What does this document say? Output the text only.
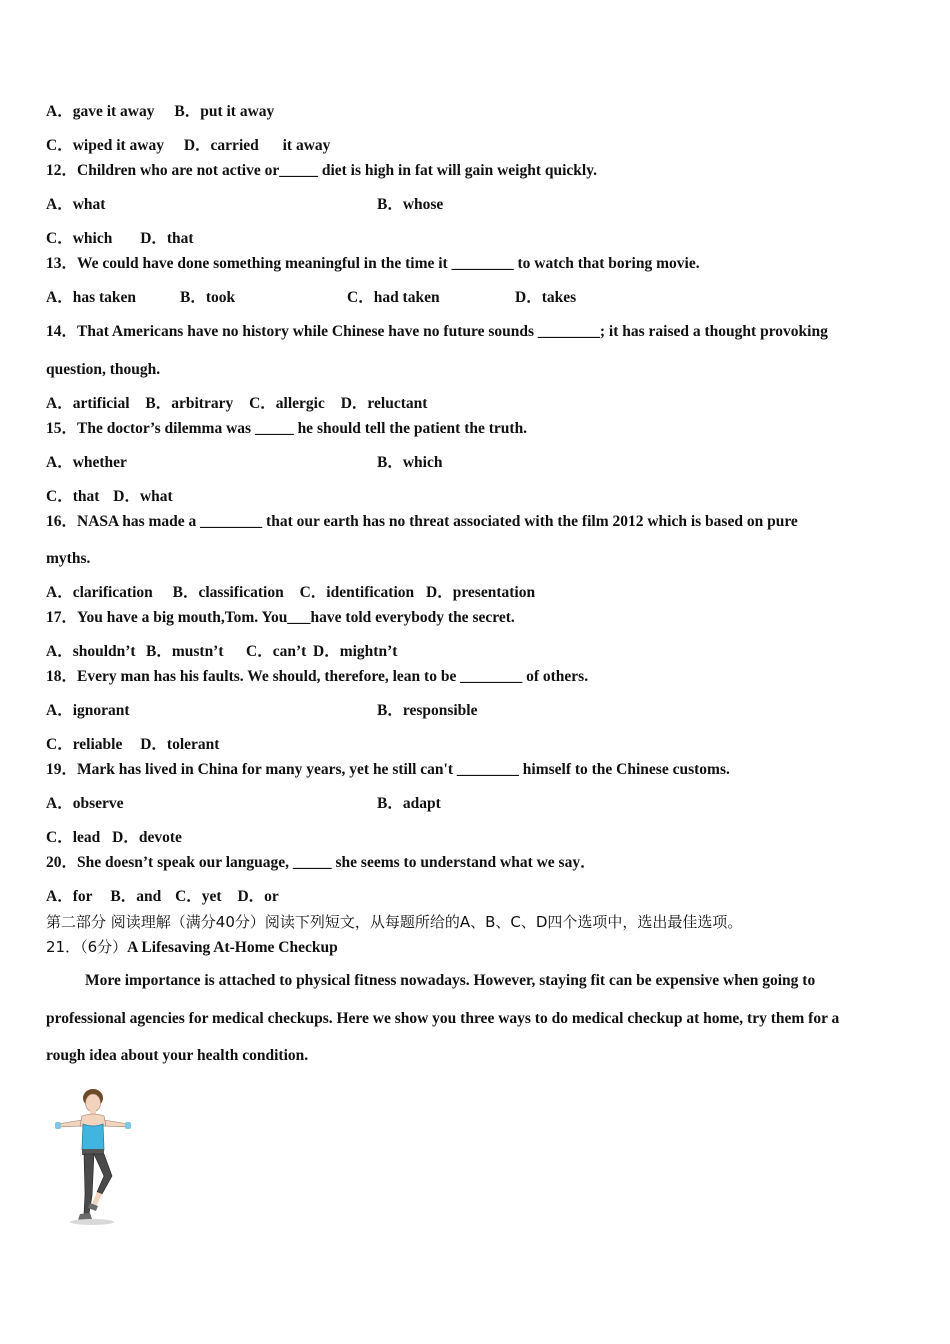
A．gave it away B．put it away
C．wiped it away D．carried it away
12．Children who are not active or_____ diet is high in fat will gain weight quickly.
A．what	B．whose
C．which D．that
13．We could have done something meaningful in the time it ________ to watch that boring movie.
A．has taken	B．took	C．had taken	D．takes
14．That Americans have no history while Chinese have no future sounds ________; it has raised a thought provoking
question, though.
A．artificial B．arbitrary C．allergic D．reluctant
15．The doctor’s dilemma was _____ he should tell the patient the truth.
A．whether	B．which
C．that D．what
16．NASA has made a ________ that our earth has no threat associated with the film 2012 which is based on pure
myths.
A．clarification B．classification C．identification D．presentation
17．You have a big mouth,Tom. You___have told everybody the secret.
A．shouldn’t B．mustn’t C．can’t D．mightn’t
18．Every man has his faults. We should, therefore, lean to be ________ of others.
A．ignorant	B．responsible
C．reliable D．tolerant
19．Mark has lived in China for many years, yet he still can't ________ himself to the Chinese customs.
A．observe	B．adapt
C．lead D．devote
20．She doesn’t speak our language, _____ she seems to understand what we say．
A．for B．and C．yet D．or
第二部分 阅读理解（满分40分）阅读下列短文，从每题所给的A、B、C、D四个选项中，选出最佳选项。
21．（6分）A Lifesaving At-Home Checkup
More importance is attached to physical fitness nowadays. However, staying fit can be expensive when going to
professional agencies for medical checkups. Here we show you three ways to do medical checkup at home, try them for a
rough idea about your health condition.
